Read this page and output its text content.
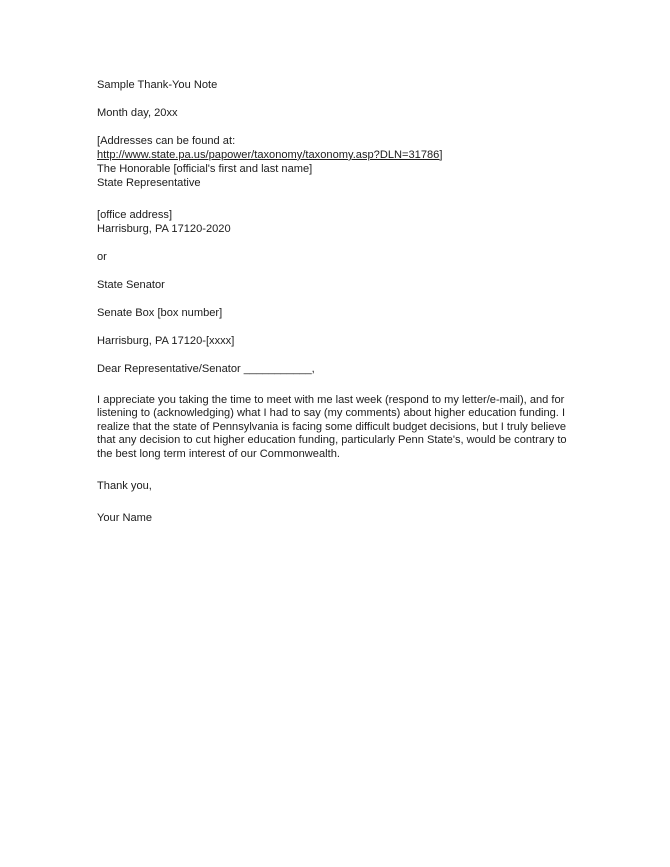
Sample Thank-You Note
Month day, 20xx
[Addresses can be found at:
http://www.state.pa.us/papower/taxonomy/taxonomy.asp?DLN=31786]
The Honorable [official's first and last name]
State Representative
[office address]
Harrisburg, PA 17120-2020
or
State Senator
Senate Box [box number]
Harrisburg, PA 17120-[xxxx]
Dear Representative/Senator ___________,
I appreciate you taking the time to meet with me last week (respond to my letter/e-mail), and for listening to (acknowledging) what I had to say (my comments) about higher education funding. I realize that the state of Pennsylvania is facing some difficult budget decisions, but I truly believe that any decision to cut higher education funding, particularly Penn State's, would be contrary to the best long term interest of our Commonwealth.
Thank you,
Your Name
